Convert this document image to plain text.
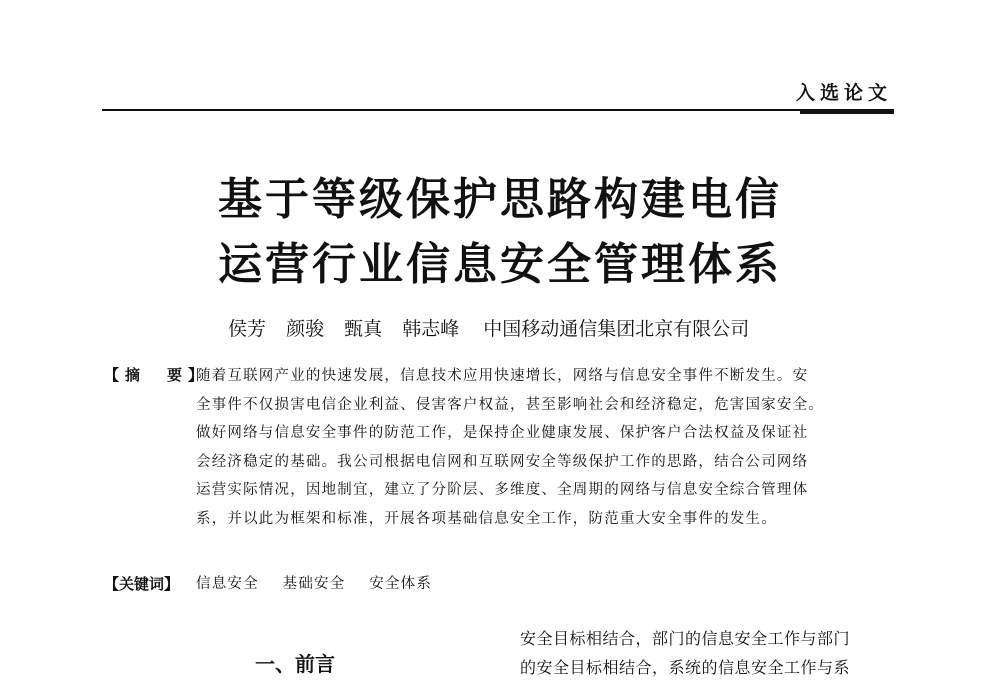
入选论文
基于等级保护思路构建电信
运营行业信息安全管理体系
侯芳 颜骏 甄真 韩志峰 中国移动通信集团北京有限公司
【摘　要】
随着互联网产业的快速发展，信息技术应用快速增长，网络与信息安全事件不断发生。安
全事件不仅损害电信企业利益、侵害客户权益，甚至影响社会和经济稳定，危害国家安全。
做好网络与信息安全事件的防范工作，是保持企业健康发展、保护客户合法权益及保证社
会经济稳定的基础。我公司根据电信网和互联网安全等级保护工作的思路，结合公司网络
运营实际情况，因地制宜，建立了分阶层、多维度、全周期的网络与信息安全综合管理体
系，并以此为框架和标准，开展各项基础信息安全工作，防范重大安全事件的发生。
【关键词】 信息安全 基础安全 安全体系
一、前言
安全目标相结合，部门的信息安全工作与部门
的安全目标相结合，系统的信息安全工作与系
